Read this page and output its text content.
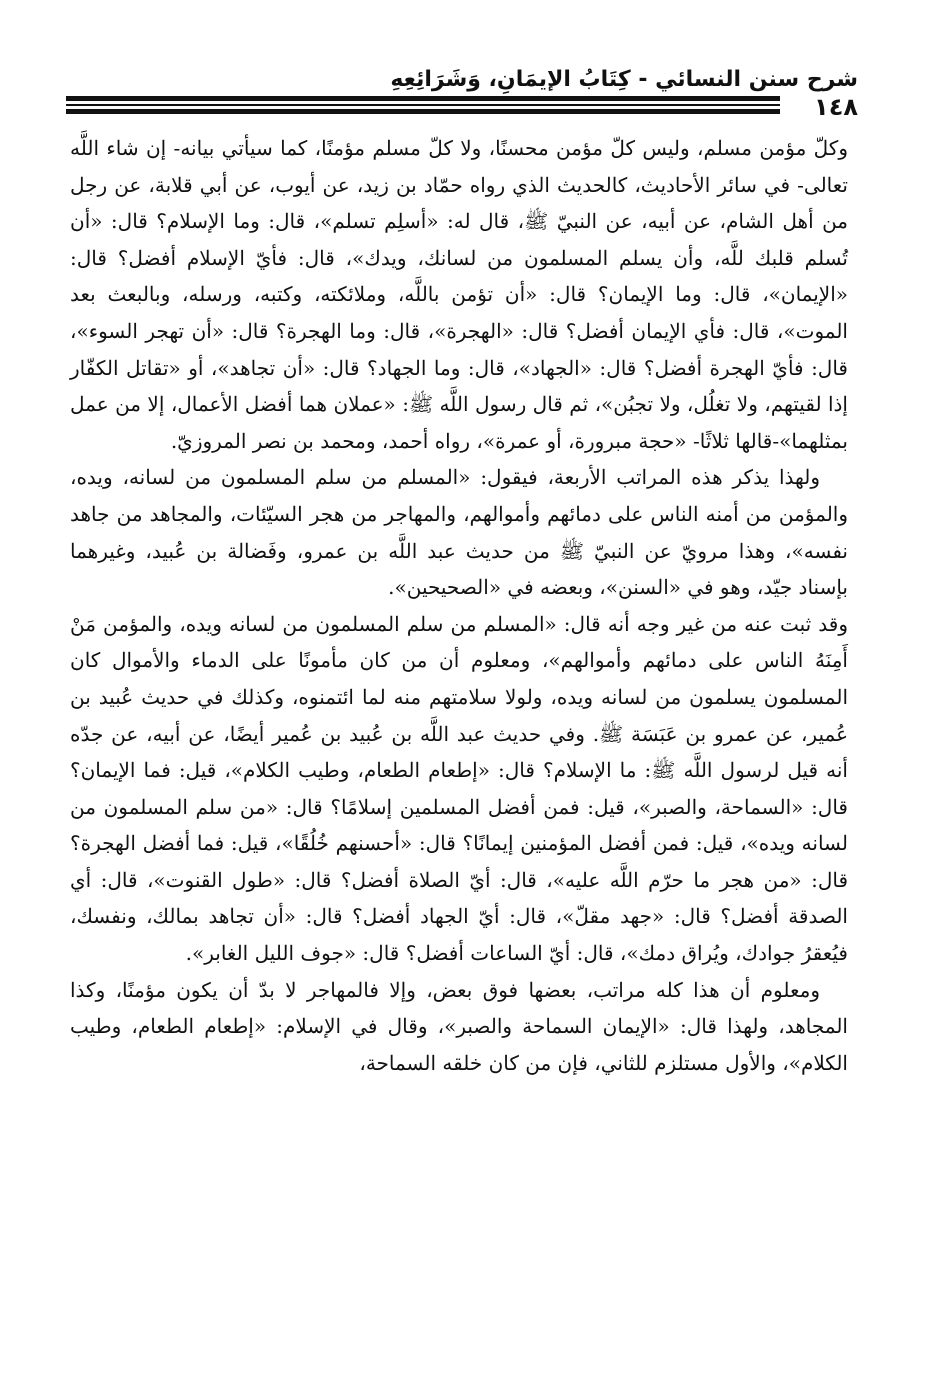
شرح سنن النسائي - كِتَابُ الإيمَانِ، وَشَرَائِعِهِ
١٤٨

وكلّ مؤمن مسلم، وليس كلّ مؤمن محسنًا، ولا كلّ مسلم مؤمنًا، كما سيأتي بيانه- إن شاء اللَّه تعالى- في سائر الأحاديث، كالحديث الذي رواه حمّاد بن زيد، عن أيوب، عن أبي قلابة، عن رجل من أهل الشام، عن أبيه، عن النبيّ ﷺ، قال له: «أسلِم تسلم»، قال: وما الإسلام؟ قال: «أن تُسلم قلبك للَّه، وأن يسلم المسلمون من لسانك، ويدك»، قال: فأيّ الإسلام أفضل؟ قال: «الإيمان»، قال: وما الإيمان؟ قال: «أن تؤمن باللَّه، وملائكته، وكتبه، ورسله، وبالبعث بعد الموت»، قال: فأي الإيمان أفضل؟ قال: «الهجرة»، قال: وما الهجرة؟ قال: «أن تهجر السوء»، قال: فأيّ الهجرة أفضل؟ قال: «الجهاد»، قال: وما الجهاد؟ قال: «أن تجاهد»، أو «تقاتل الكفّار إذا لقيتهم، ولا تغلُل، ولا تجبُن»، ثم قال رسول اللَّه ﷺ: «عملان هما أفضل الأعمال، إلا من عمل بمثلهما»-قالها ثلاثًا- «حجة مبرورة، أو عمرة»، رواه أحمد، ومحمد بن نصر المروزيّ.

ولهذا يذكر هذه المراتب الأربعة، فيقول: «المسلم من سلم المسلمون من لسانه، ويده، والمؤمن من أمنه الناس على دمائهم وأموالهم، والمهاجر من هجر السيّئات، والمجاهد من جاهد نفسه»، وهذا مرويّ عن النبيّ ﷺ من حديث عبد اللَّه بن عمرو، وفَضالة بن عُبيد، وغيرهما بإسناد جيّد، وهو في «السنن»، وبعضه في «الصحيحين».

وقد ثبت عنه من غير وجه أنه قال: «المسلم من سلم المسلمون من لسانه ويده، والمؤمن مَنْ أَمِنَهُ الناس على دمائهم وأموالهم»، ومعلوم أن من كان مأمونًا على الدماء والأموال كان المسلمون يسلمون من لسانه ويده، ولولا سلامتهم منه لما ائتمنوه، وكذلك في حديث عُبيد بن عُمير، عن عمرو بن عَبَسَة ﷺ. وفي حديث عبد اللَّه بن عُبيد بن عُمير أيضًا، عن أبيه، عن جدّه أنه قيل لرسول اللَّه ﷺ: ما الإسلام؟ قال: «إطعام الطعام، وطيب الكلام»، قيل: فما الإيمان؟ قال: «السماحة، والصبر»، قيل: فمن أفضل المسلمين إسلامًا؟ قال: «من سلم المسلمون من لسانه ويده»، قيل: فمن أفضل المؤمنين إيمانًا؟ قال: «أحسنهم خُلُقًا»، قيل: فما أفضل الهجرة؟ قال: «من هجر ما حرّم اللَّه عليه»، قال: أيّ الصلاة أفضل؟ قال: «طول القنوت»، قال: أي الصدقة أفضل؟ قال: «جهد مقلّ»، قال: أيّ الجهاد أفضل؟ قال: «أن تجاهد بمالك، ونفسك، فيُعقرُ جوادك، ويُراق دمك»، قال: أيّ الساعات أفضل؟ قال: «جوف الليل الغابر».

ومعلوم أن هذا كله مراتب، بعضها فوق بعض، وإلا فالمهاجر لا بدّ أن يكون مؤمنًا، وكذا المجاهد، ولهذا قال: «الإيمان السماحة والصبر»، وقال في الإسلام: «إطعام الطعام، وطيب الكلام»، والأول مستلزم للثاني، فإن من كان خلقه السماحة،
